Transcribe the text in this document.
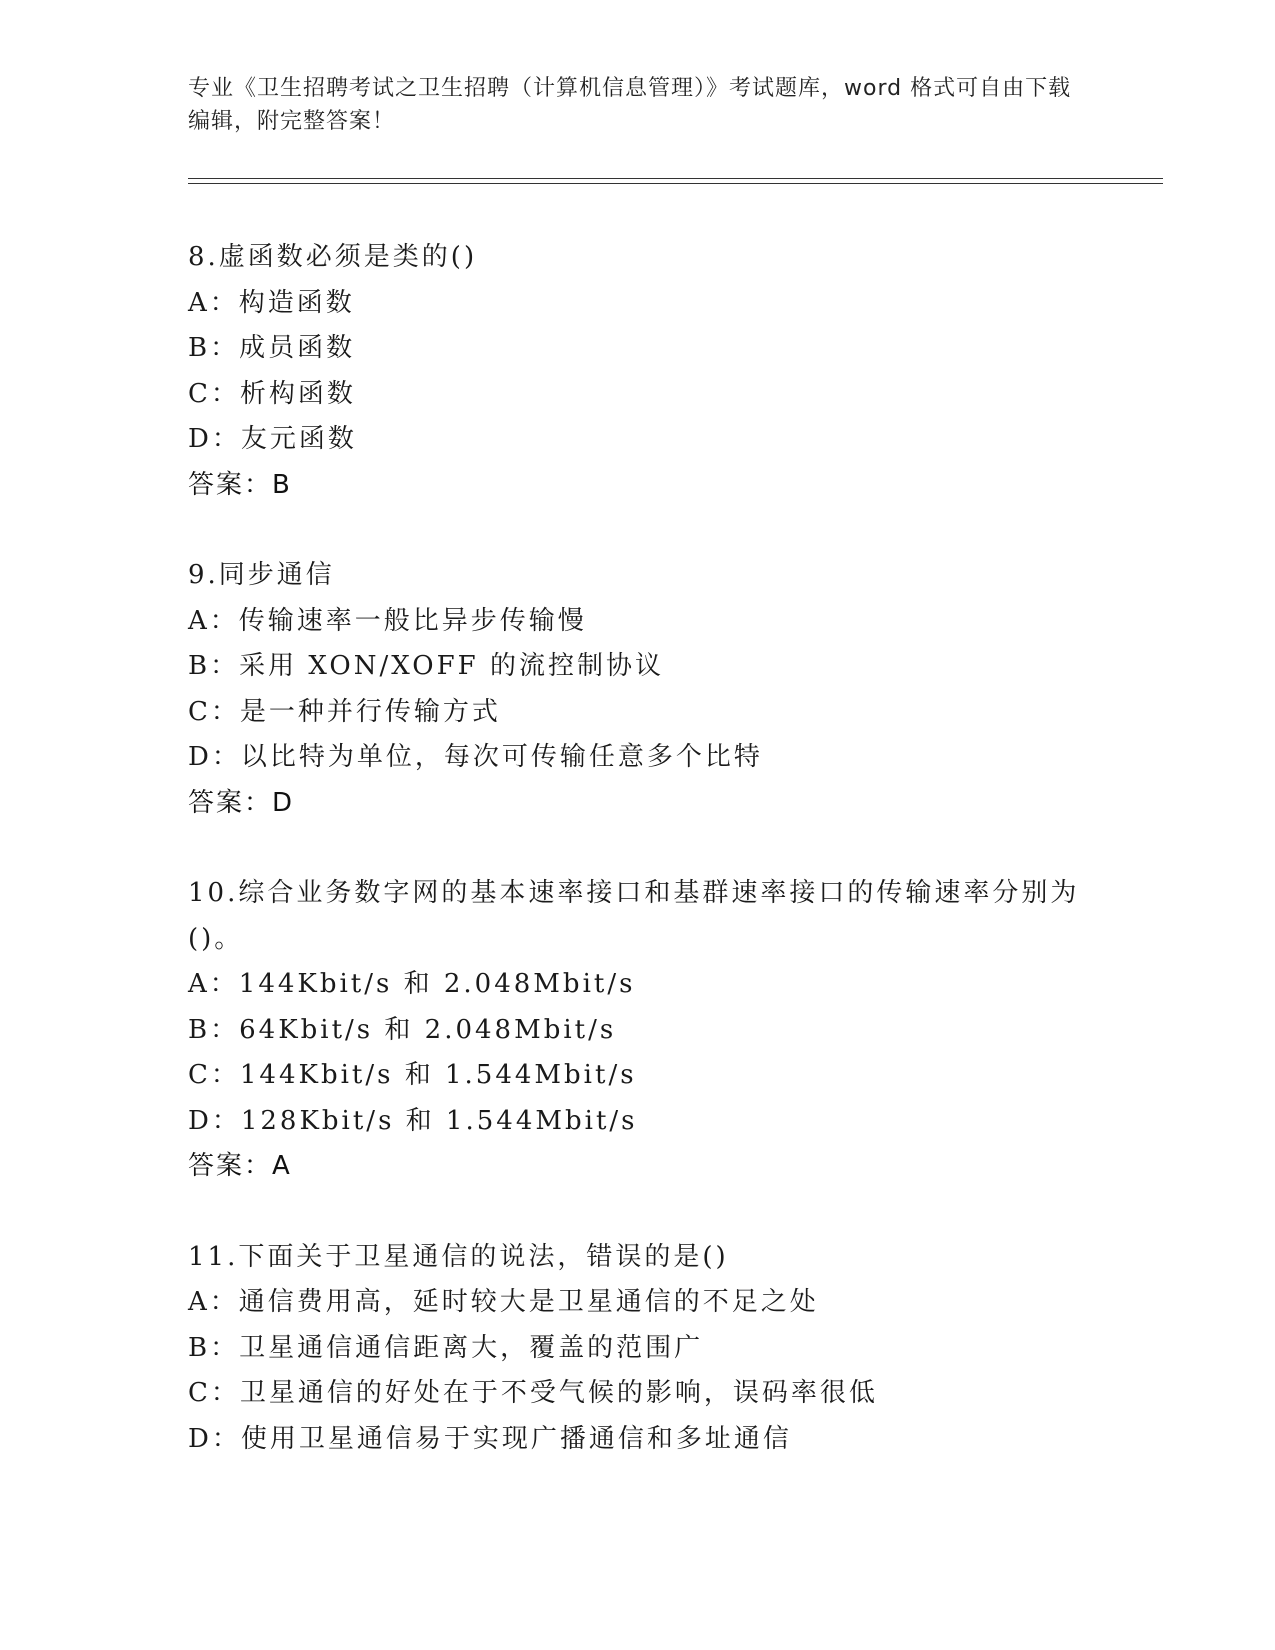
专业《卫生招聘考试之卫生招聘（计算机信息管理）》考试题库，word 格式可自由下载编辑，附完整答案！
8.虚函数必须是类的()
A：构造函数
B：成员函数
C：析构函数
D：友元函数
答案：B
9.同步通信
A：传输速率一般比异步传输慢
B：采用 XON/XOFF 的流控制协议
C：是一种并行传输方式
D：以比特为单位，每次可传输任意多个比特
答案：D
10.综合业务数字网的基本速率接口和基群速率接口的传输速率分别为()。
A：144Kbit/s 和 2.048Mbit/s
B：64Kbit/s 和 2.048Mbit/s
C：144Kbit/s 和 1.544Mbit/s
D：128Kbit/s 和 1.544Mbit/s
答案：A
11.下面关于卫星通信的说法，错误的是()
A：通信费用高，延时较大是卫星通信的不足之处
B：卫星通信通信距离大，覆盖的范围广
C：卫星通信的好处在于不受气候的影响，误码率很低
D：使用卫星通信易于实现广播通信和多址通信
